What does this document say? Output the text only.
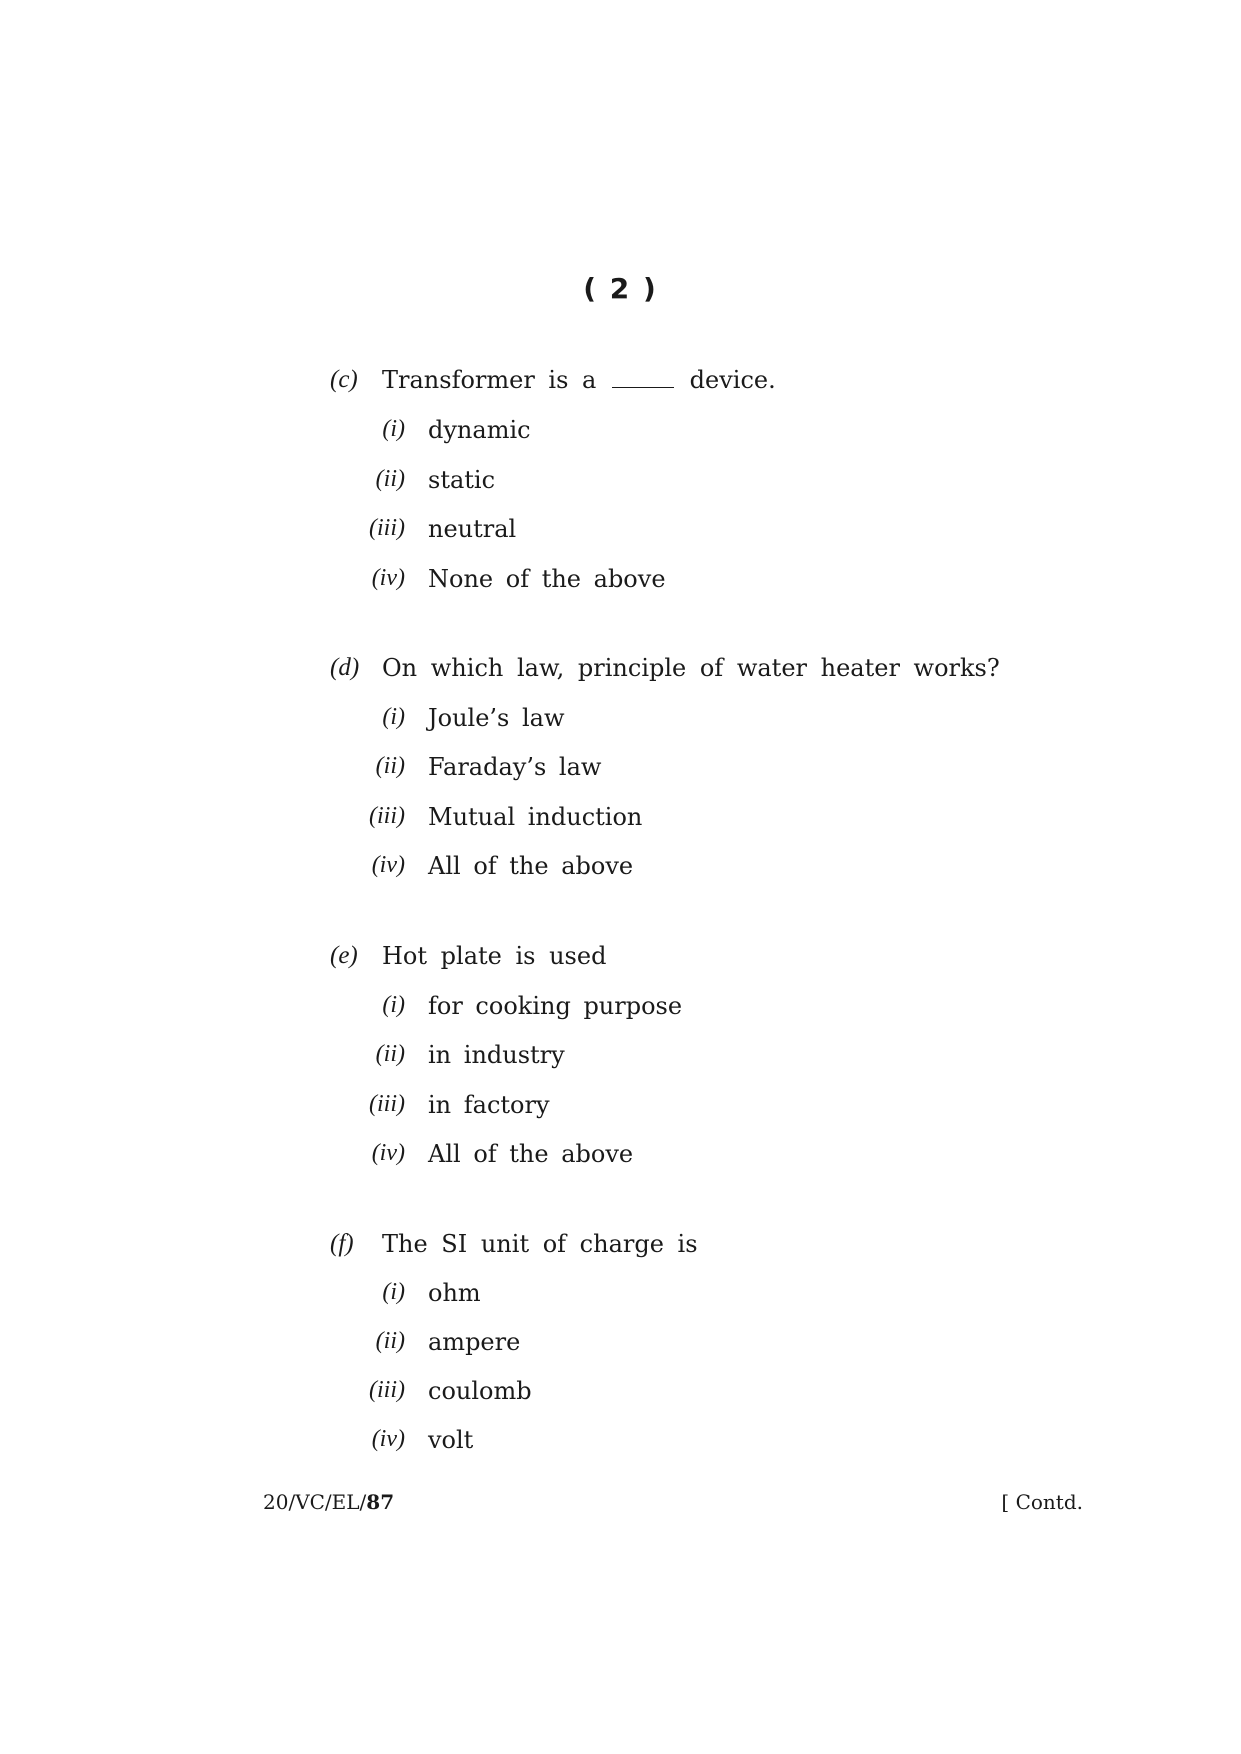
( 2 )
(c) Transformer is a	device.
(i) dynamic
(ii) static
(iii) neutral
(iv) None of the above
(d) On which law, principle of water heater works?
(i) Joule’s law
(ii) Faraday’s law
(iii) Mutual induction
(iv) All of the above
(e) Hot plate is used
(i) for cooking purpose
(ii) in industry
(iii) in factory
(iv) All of the above
(f) The SI unit of charge is
(i) ohm
(ii) ampere
(iii) coulomb
(iv) volt
20/VC/EL/87	[ Contd.
